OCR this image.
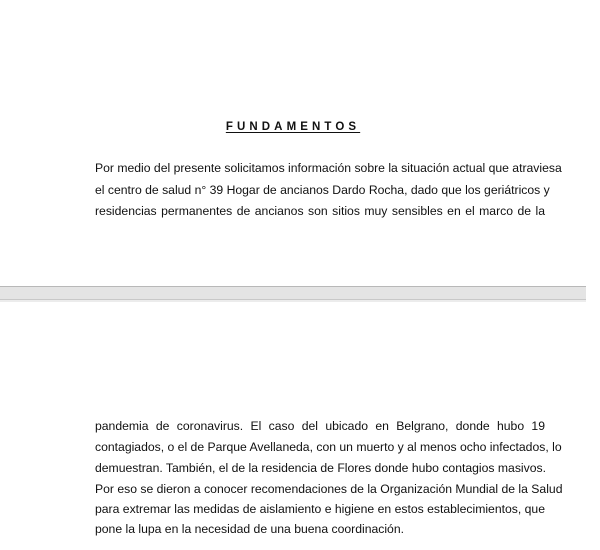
FUNDAMENTOS
Por medio del presente solicitamos información sobre la situación actual que atraviesa
el centro de salud n° 39 Hogar de ancianos Dardo Rocha, dado que los geriátricos y
residencias permanentes de ancianos son sitios muy sensibles en el marco de la
pandemia de coronavirus. El caso del ubicado en Belgrano, donde hubo 19
contagiados, o el de Parque Avellaneda, con un muerto y al menos ocho infectados, lo
demuestran. También, el de la residencia de Flores donde hubo contagios masivos.
Por eso se dieron a conocer recomendaciones de la Organización Mundial de la Salud
para extremar las medidas de aislamiento e higiene en estos establecimientos, que
pone la lupa en la necesidad de una buena coordinación.
